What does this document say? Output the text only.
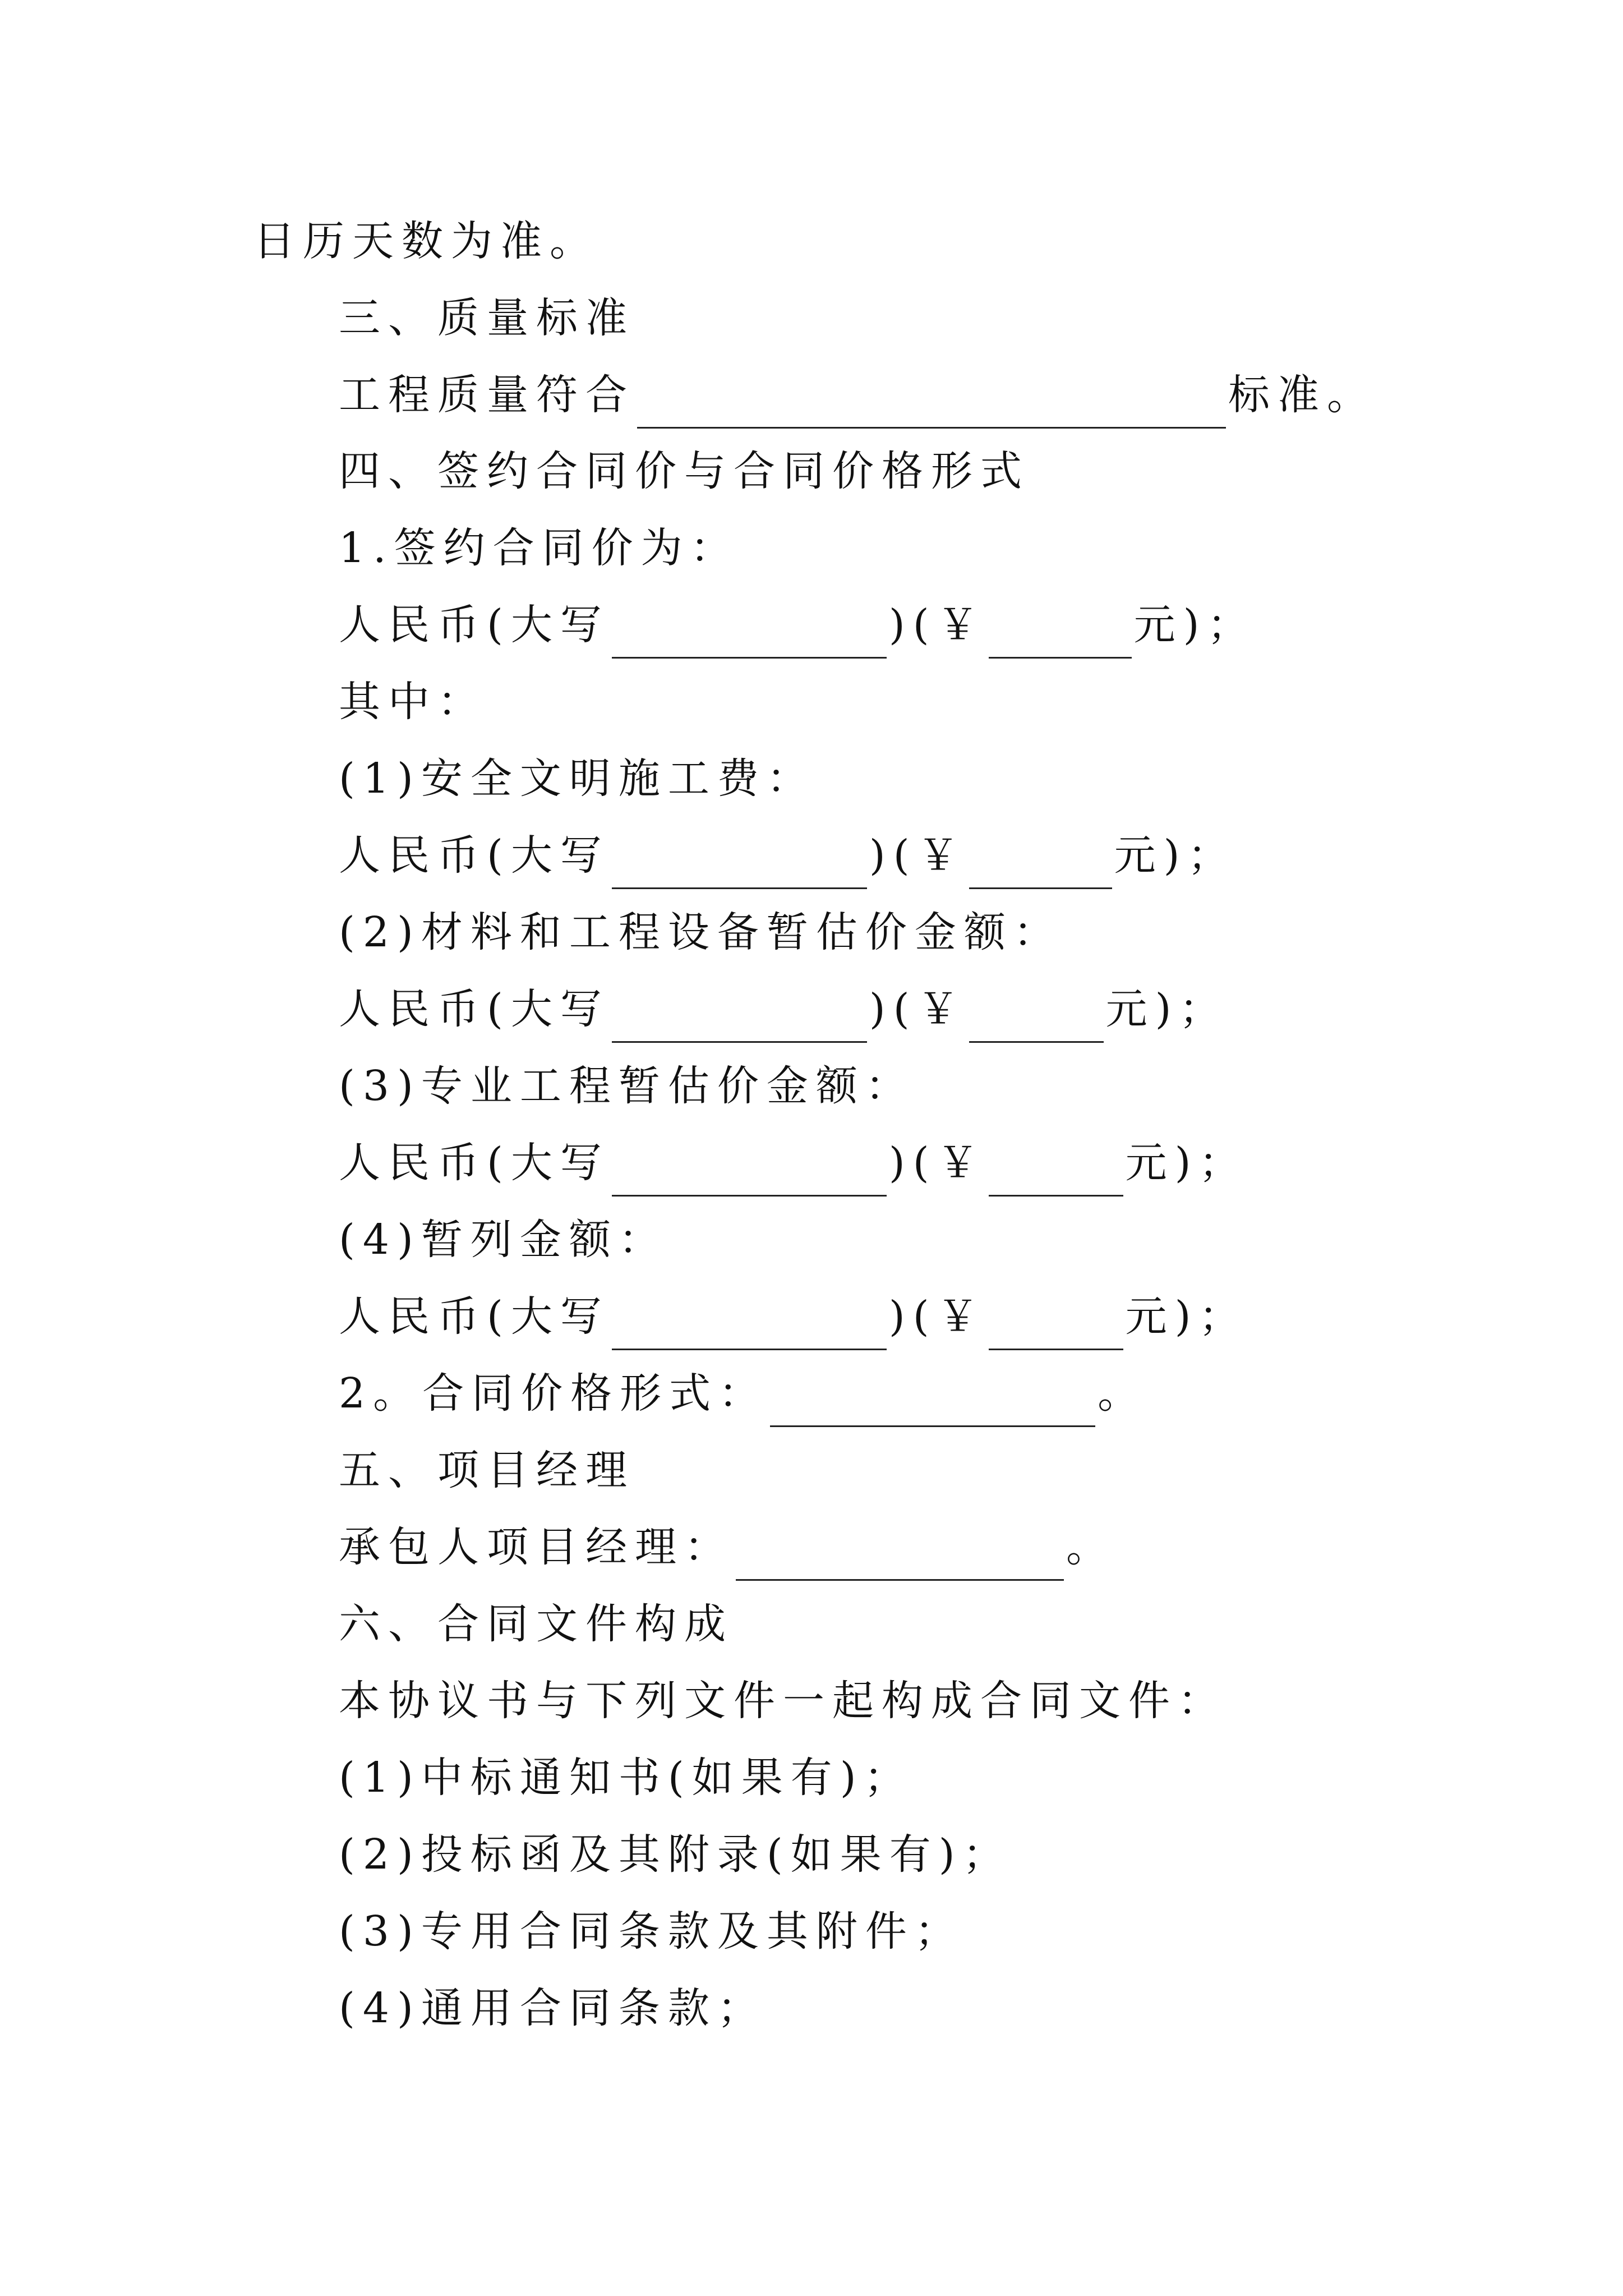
日历天数为准。
三、质量标准
工程质量符合	标准。
四、签约合同价与合同价格形式
1.签约合同价为：
人民币(大写	)(￥	元)；
其中：
(1)安全文明施工费：
人民币(大写	)(￥	元)；
(2)材料和工程设备暂估价金额：
人民币(大写	)(￥	元)；
(3)专业工程暂估价金额：
人民币(大写	)(￥	元)；
(4)暂列金额：
人民币(大写	)(￥	元)；
2。合同价格形式：	。
五、项目经理
承包人项目经理：	。
六、合同文件构成
本协议书与下列文件一起构成合同文件：
(1)中标通知书(如果有)；
(2)投标函及其附录(如果有)；
(3)专用合同条款及其附件；
(4)通用合同条款；
